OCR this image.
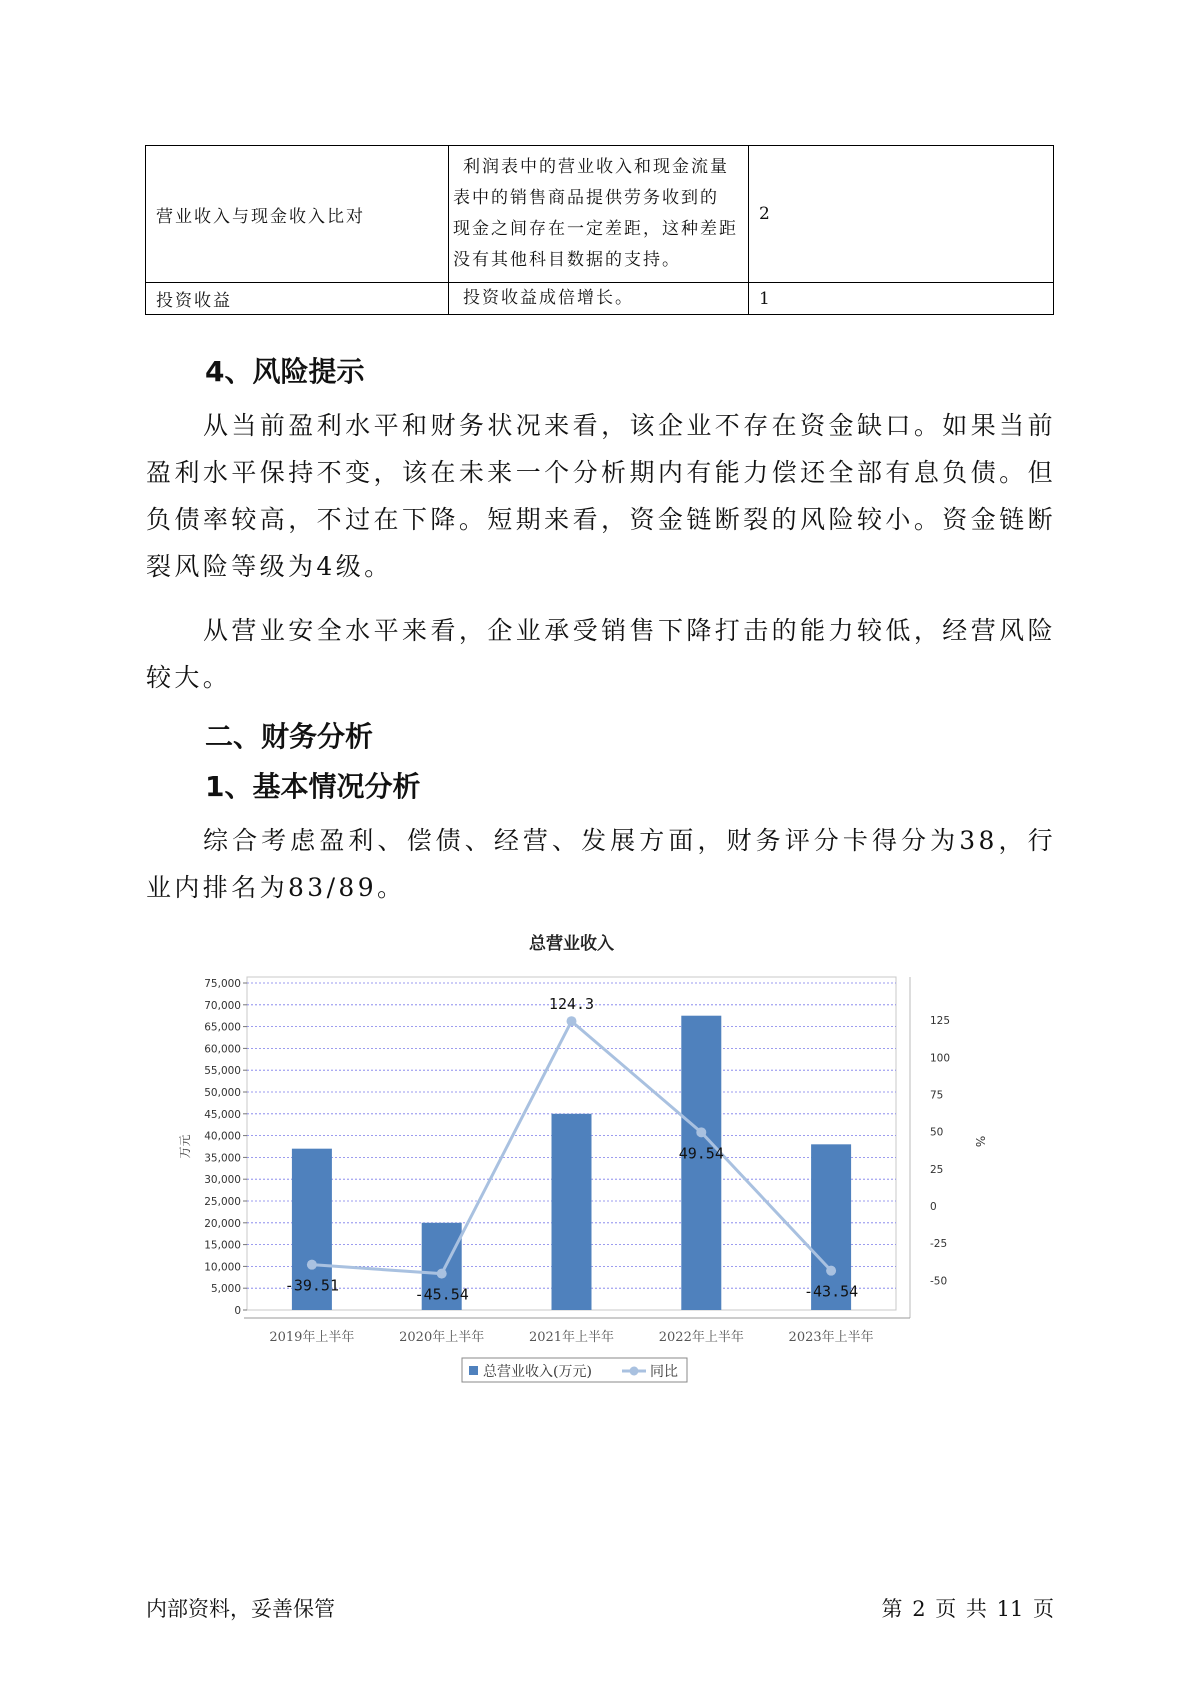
营业收入与现金收入比对	利润表中的营业收入和现金流量
表中的销售商品提供劳务收到的
现金之间存在一定差距，这种差距
没有其他科目数据的支持。	2
投资收益	投资收益成倍增长。	1
4、风险提示
从当前盈利水平和财务状况来看，该企业不存在资金缺口。如果当前盈利水平保持不变，该在未来一个分析期内有能力偿还全部有息负债。但负债率较高，不过在下降。短期来看，资金链断裂的风险较小。资金链断裂风险等级为4级。
从营业安全水平来看，企业承受销售下降打击的能力较低，经营风险较大。
二、财务分析
1、基本情况分析
综合考虑盈利、偿债、经营、发展方面，财务评分卡得分为38，行业内排名为83/89。
总营业收入
0
5,000
10,000
15,000
20,000
25,000
30,000
35,000
40,000
45,000
50,000
55,000
60,000
65,000
70,000
75,000
-50
-25
0
25
50
75
100
125
万元	%
2019年上半年	2020年上半年	2021年上半年	2022年上半年	2023年上半年
-39.51	-45.54
124.3
49.54
-43.54
总营业收入(万元)	同比
内部资料，妥善保管	第 2 页 共 11 页
